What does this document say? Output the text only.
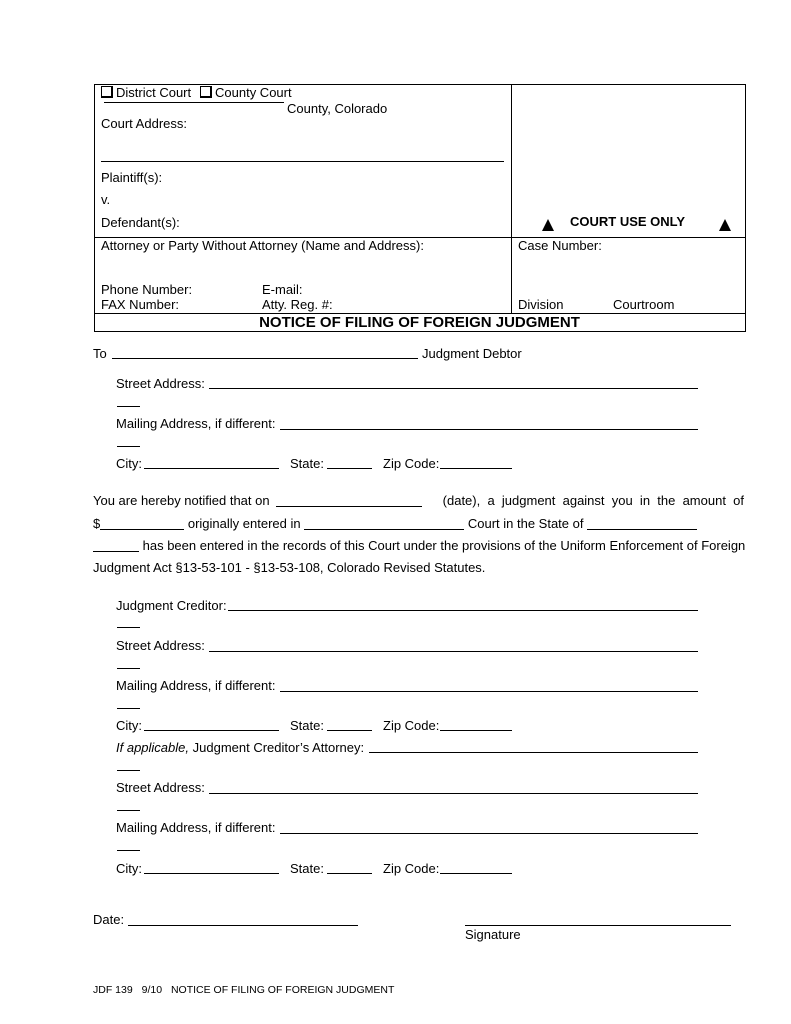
District Court	County Court
County, Colorado
Court Address:
Plaintiff(s):
v.
Defendant(s):	COURT USE ONLY
Attorney or Party Without Attorney (Name and Address):	Case Number:
Phone Number:	E-mail:
FAX Number:	Atty. Reg. #:	Division	Courtroom
NOTICE OF FILING OF FOREIGN JUDGMENT
To	Judgment Debtor
Street Address:
Mailing Address, if different:
City:	State:	Zip Code:
You are hereby notified that on	(date),  a  judgment  against  you  in  the  amount  of
$	originally entered in	Court in the State of
has been entered in the records of this Court under the provisions of the Uniform Enforcement of Foreign
Judgment Act §13-53-101 - §13-53-108, Colorado Revised Statutes.
Judgment Creditor:
Street Address:
Mailing Address, if different:
City:	State:	Zip Code:
If applicable, Judgment Creditor’s Attorney:
Street Address:
Mailing Address, if different:
City:	State:	Zip Code:
Date:
Signature
JDF 139 9/10 NOTICE OF FILING OF FOREIGN JUDGMENT
